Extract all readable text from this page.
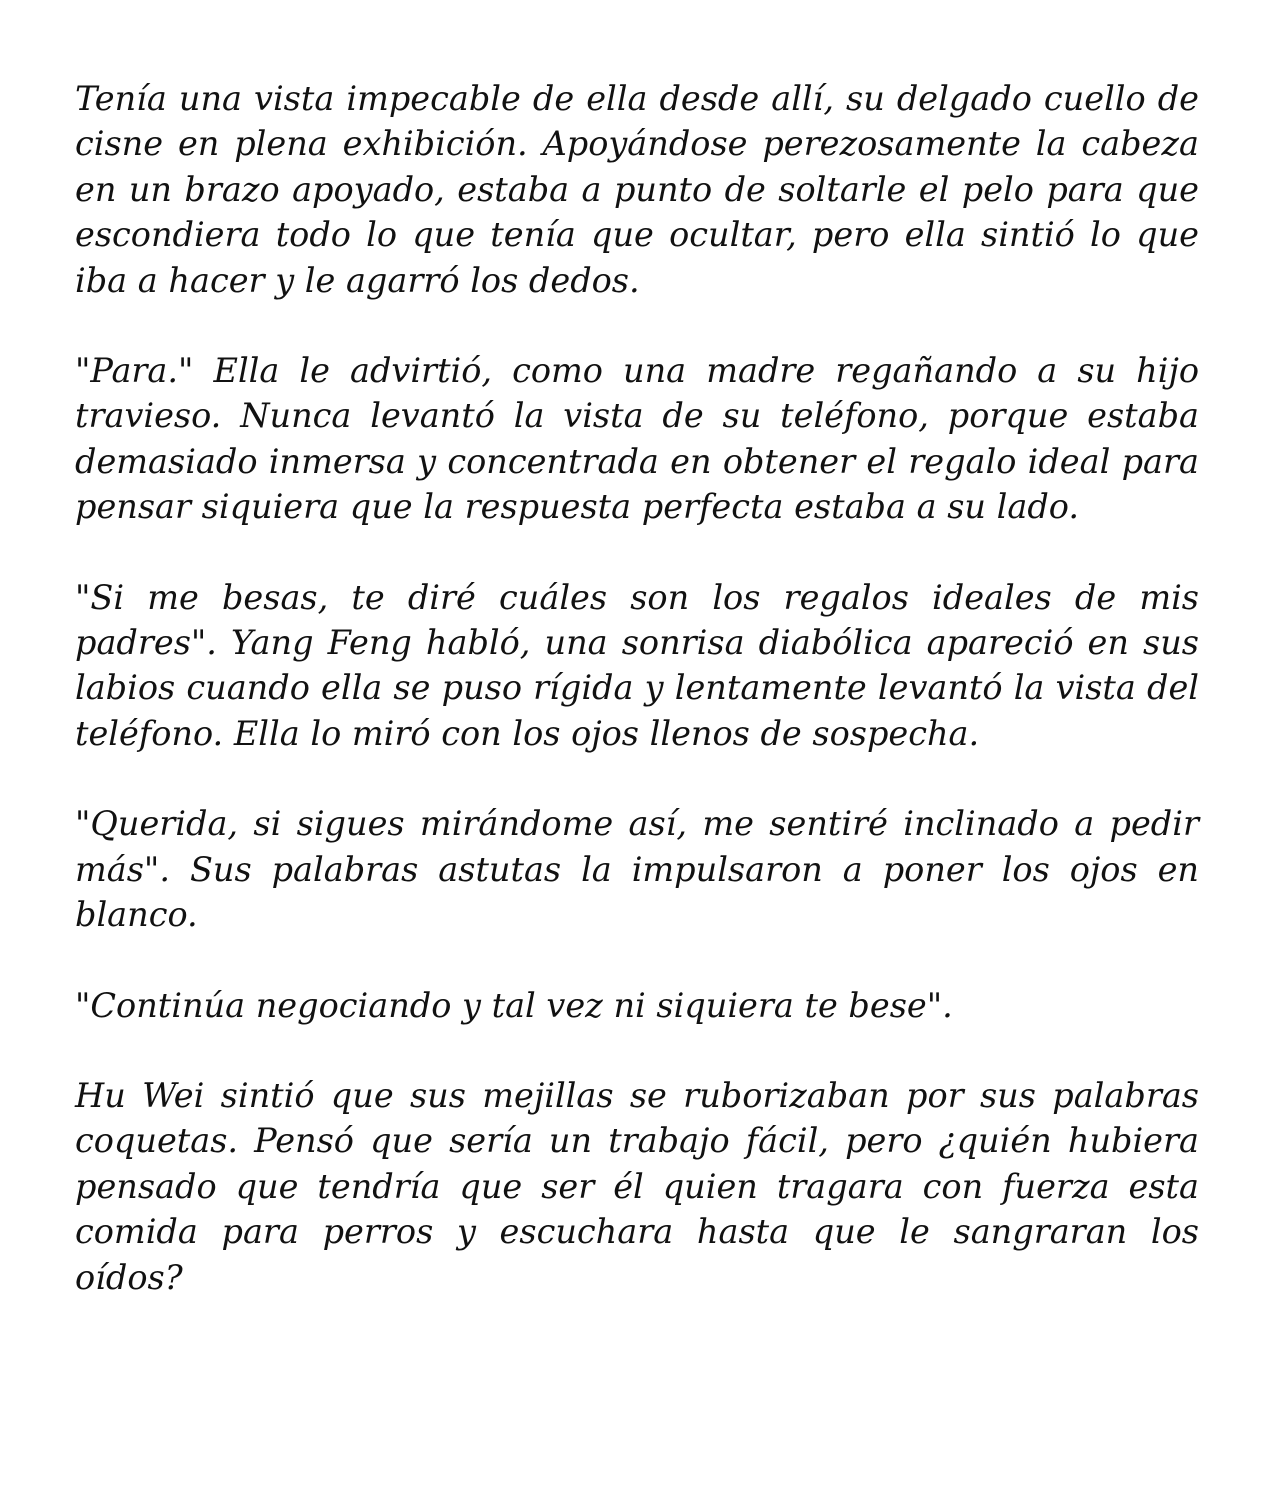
Tenía una vista impecable de ella desde allí, su delgado cuello de cisne en plena exhibición. Apoyándose perezosamente la cabeza en un brazo apoyado, estaba a punto de soltarle el pelo para que escondiera todo lo que tenía que ocultar, pero ella sintió lo que iba a hacer y le agarró los dedos.

"Para." Ella le advirtió, como una madre regañando a su hijo travieso. Nunca levantó la vista de su teléfono, porque estaba demasiado inmersa y concentrada en obtener el regalo ideal para pensar siquiera que la respuesta perfecta estaba a su lado.

"Si me besas, te diré cuáles son los regalos ideales de mis padres". Yang Feng habló, una sonrisa diabólica apareció en sus labios cuando ella se puso rígida y lentamente levantó la vista del teléfono. Ella lo miró con los ojos llenos de sospecha.

"Querida, si sigues mirándome así, me sentiré inclinado a pedir más". Sus palabras astutas la impulsaron a poner los ojos en blanco.

"Continúa negociando y tal vez ni siquiera te bese".

Hu Wei sintió que sus mejillas se ruborizaban por sus palabras coquetas. Pensó que sería un trabajo fácil, pero ¿quién hubiera pensado que tendría que ser él quien tragara con fuerza esta comida para perros y escuchara hasta que le sangraran los oídos?
